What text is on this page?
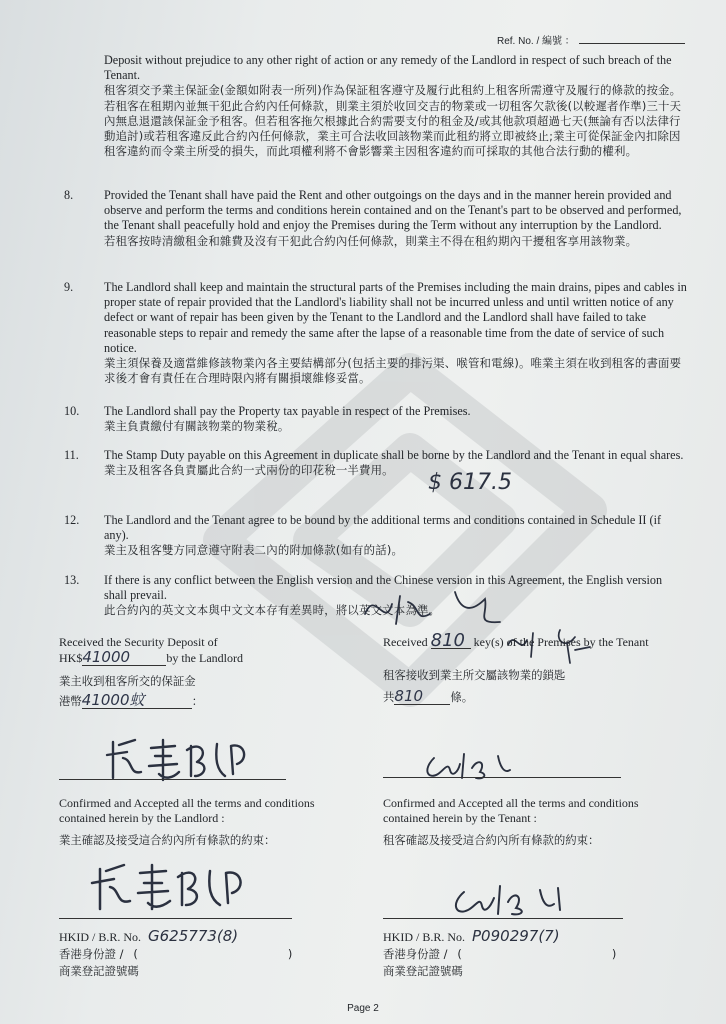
Ref. No. / 編號 ：
Deposit without prejudice to any other right of action or any remedy of the Landlord in respect of such breach of the Tenant.
租客須交予業主保証金(金額如附表一所列)作為保証租客遵守及履行此租約上租客所需遵守及履行的條款的按金。若租客在租期內並無干犯此合約內任何條款，則業主須於收回交吉的物業或一切租客欠款後(以較遲者作準)三十天內無息退還該保証金予租客。但若租客拖欠根據此合約需要支付的租金及/或其他款項超過七天(無論有否以法律行動追討)或若租客違反此合約內任何條款，業主可合法收回該物業而此租約將立即被終止;業主可從保証金內扣除因租客違約而令業主所受的損失，而此項權利將不會影響業主因租客違約而可採取的其他合法行動的權利。
8.	Provided the Tenant shall have paid the Rent and other outgoings on the days and in the manner herein provided and observe and perform the terms and conditions herein contained and on the Tenant's part to be observed and performed, the Tenant shall peacefully hold and enjoy the Premises during the Term without any interruption by the Landlord.
若租客按時清繳租金和雜費及沒有干犯此合約內任何條款，則業主不得在租約期內干擾租客享用該物業。
9.	The Landlord shall keep and maintain the structural parts of the Premises including the main drains, pipes and cables in proper state of repair provided that the Landlord's liability shall not be incurred unless and until written notice of any defect or want of repair has been given by the Tenant to the Landlord and the Landlord shall have failed to take reasonable steps to repair and remedy the same after the lapse of a reasonable time from the date of service of such notice.
業主須保養及適當維修該物業內各主要結構部分(包括主要的排污渠、喉管和電線)。唯業主須在收到租客的書面要求後才會有責任在合理時限內將有關損壞維修妥當。
10. The Landlord shall pay the Property tax payable in respect of the Premises.
業主負責繳付有關該物業的物業稅。
11. The Stamp Duty payable on this Agreement in duplicate shall be borne by the Landlord and the Tenant in equal shares.
業主及租客各負責屬此合約一式兩份的印花稅一半費用。	$ 617.5
12. The Landlord and the Tenant agree to be bound by the additional terms and conditions contained in Schedule II (if any).
業主及租客雙方同意遵守附表二內的附加條款(如有的話)。
13. If there is any conflict between the English version and the Chinese version in this Agreement, the English version shall prevail.
此合約內的英文文本與中文文本存有差異時，將以英文文本為準。
Received the Security Deposit of
HK$41000	by the Landlord
業主收到租客所交的保証金
港幣41000蚊	：
Received 810 key(s) of the Premises by the Tenant
租客接收到業主所交屬該物業的鎖匙
共810 條。
Confirmed and Accepted all the terms and conditions
contained herein by the Landlord :
業主確認及接受這合約內所有條款的約束：
Confirmed and Accepted all the terms and conditions
contained herein by the Tenant :
租客確認及接受這合約內所有條款的約束：
HKID / B.R. No. G625773(8)
香港身份證 / (	)
商業登記證號碼
HKID / B.R. No. P090297(7)
香港身份證 / (	)
商業登記證號碼
Page 2
